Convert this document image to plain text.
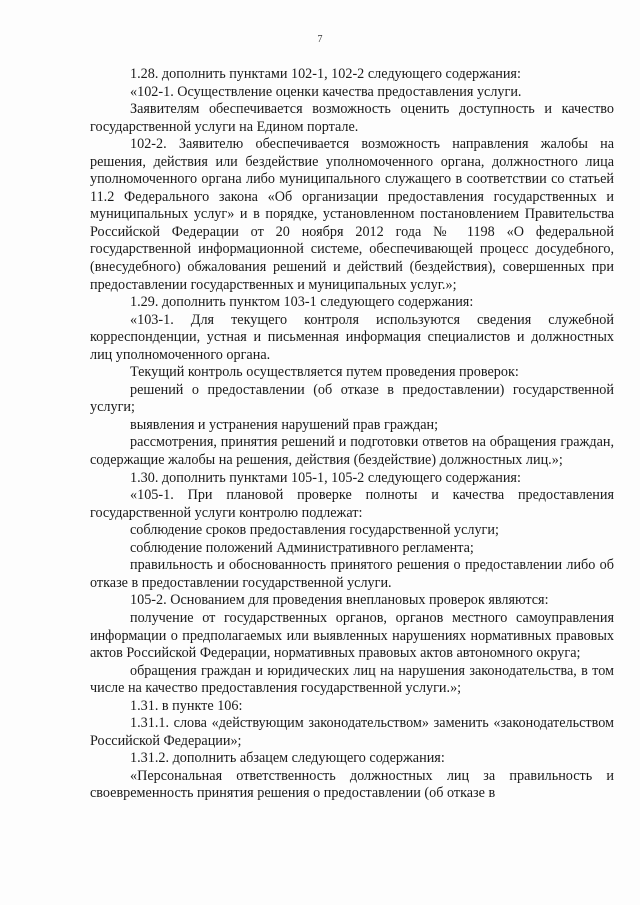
7

1.28. дополнить пунктами 102-1, 102-2 следующего содержания:

«102-1. Осуществление оценки качества предоставления услуги.

Заявителям обеспечивается возможность оценить доступность и качество государственной услуги на Едином портале.

102-2. Заявителю обеспечивается возможность направления жалобы на решения, действия или бездействие уполномоченного органа, должностного лица уполномоченного органа либо муниципального служащего в соответствии со статьей 11.2 Федерального закона «Об организации предоставления государственных и муниципальных услуг» и в порядке, установленном постановлением Правительства Российской Федерации от 20 ноября 2012 года № 1198 «О федеральной государственной информационной системе, обеспечивающей процесс досудебного, (внесудебного) обжалования решений и действий (бездействия), совершенных при предоставлении государственных и муниципальных услуг.»;

1.29. дополнить пунктом 103-1 следующего содержания:

«103-1. Для текущего контроля используются сведения служебной корреспонденции, устная и письменная информация специалистов и должностных лиц уполномоченного органа.

Текущий контроль осуществляется путем проведения проверок:

решений о предоставлении (об отказе в предоставлении) государственной услуги;

выявления и устранения нарушений прав граждан;

рассмотрения, принятия решений и подготовки ответов на обращения граждан, содержащие жалобы на решения, действия (бездействие) должностных лиц.»;

1.30. дополнить пунктами 105-1, 105-2 следующего содержания:

«105-1. При плановой проверке полноты и качества предоставления государственной услуги контролю подлежат:

соблюдение сроков предоставления государственной услуги;

соблюдение положений Административного регламента;

правильность и обоснованность принятого решения о предоставлении либо об отказе в предоставлении государственной услуги.

105-2. Основанием для проведения внеплановых проверок являются:

получение от государственных органов, органов местного самоуправления информации о предполагаемых или выявленных нарушениях нормативных правовых актов Российской Федерации, нормативных правовых актов автономного округа;

обращения граждан и юридических лиц на нарушения законодательства, в том числе на качество предоставления государственной услуги.»;

1.31. в пункте 106:

1.31.1. слова «действующим законодательством» заменить «законодательством Российской Федерации»;

1.31.2. дополнить абзацем следующего содержания:

«Персональная ответственность должностных лиц за правильность и своевременность принятия решения о предоставлении (об отказе в
